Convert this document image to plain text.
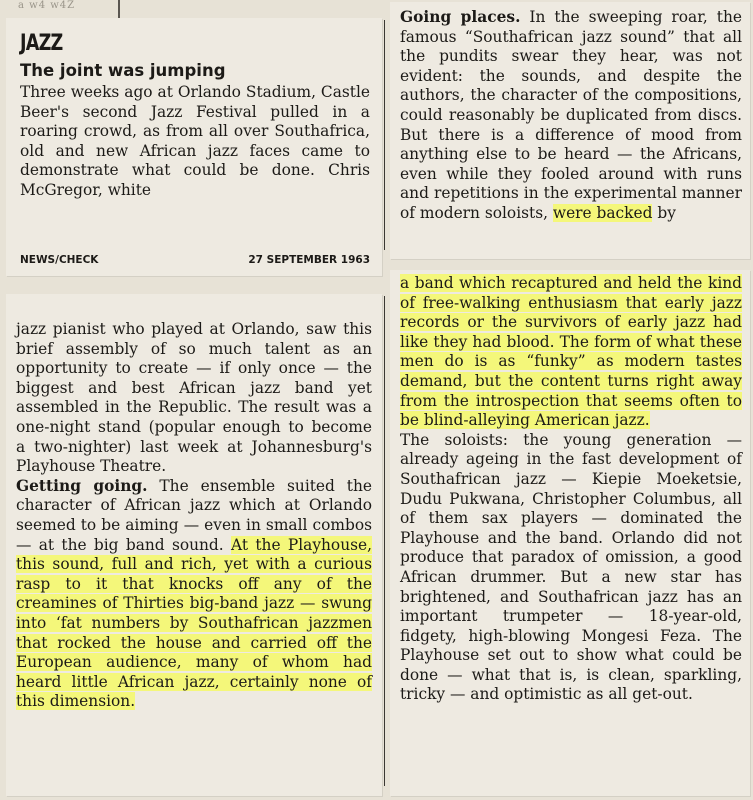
a w4 w4Z
JAZZ
The joint was jumping

Three weeks ago at Orlando Stadium, Castle Beer's second Jazz Festival pulled in a roaring crowd, as from all over Southafrica, old and new African jazz faces came to demonstrate what could be done. Chris McGregor, white

NEWS/CHECK	27 SEPTEMBER 1963

jazz pianist who played at Orlando, saw this brief assembly of so much talent as an opportunity to create — if only once — the biggest and best African jazz band yet assembled in the Republic. The result was a one-night stand (popular enough to become a two-nighter) last week at Johannesburg's Playhouse Theatre.

Getting going. The ensemble suited the character of African jazz which at Orlando seemed to be aiming — even in small combos — at the big band sound. At the Playhouse, this sound, full and rich, yet with a curious rasp to it that knocks off any of the creamines of Thirties big-band jazz — swung into ‘fat numbers by Southafrican jazzmen that rocked the house and carried off the European audience, many of whom had heard little African jazz, certainly none of this dimension.

Going places. In the sweeping roar, the famous “Southafrican jazz sound” that all the pundits swear they hear, was not evident: the sounds, and despite the authors, the character of the compositions, could reasonably be duplicated from discs. But there is a difference of mood from anything else to be heard — the Africans, even while they fooled around with runs and repetitions in the experimental manner of modern soloists, were backed by

a band which recaptured and held the kind of free-walking enthusiasm that early jazz records or the survivors of early jazz had like they had blood. The form of what these men do is as “funky” as modern tastes demand, but the content turns right away from the introspection that seems often to be blind-alleying American jazz.

The soloists: the young generation — already ageing in the fast development of Southafrican jazz — Kiepie Moeketsie, Dudu Pukwana, Christopher Columbus, all of them sax players — dominated the Playhouse and the band. Orlando did not produce that paradox of omission, a good African drummer. But a new star has brightened, and Southafrican jazz has an important trumpeter — 18-year-old, fidgety, high-blowing Mongesi Feza. The Playhouse set out to show what could be done — what that is, is clean, sparkling, tricky — and optimistic as all get-out.
